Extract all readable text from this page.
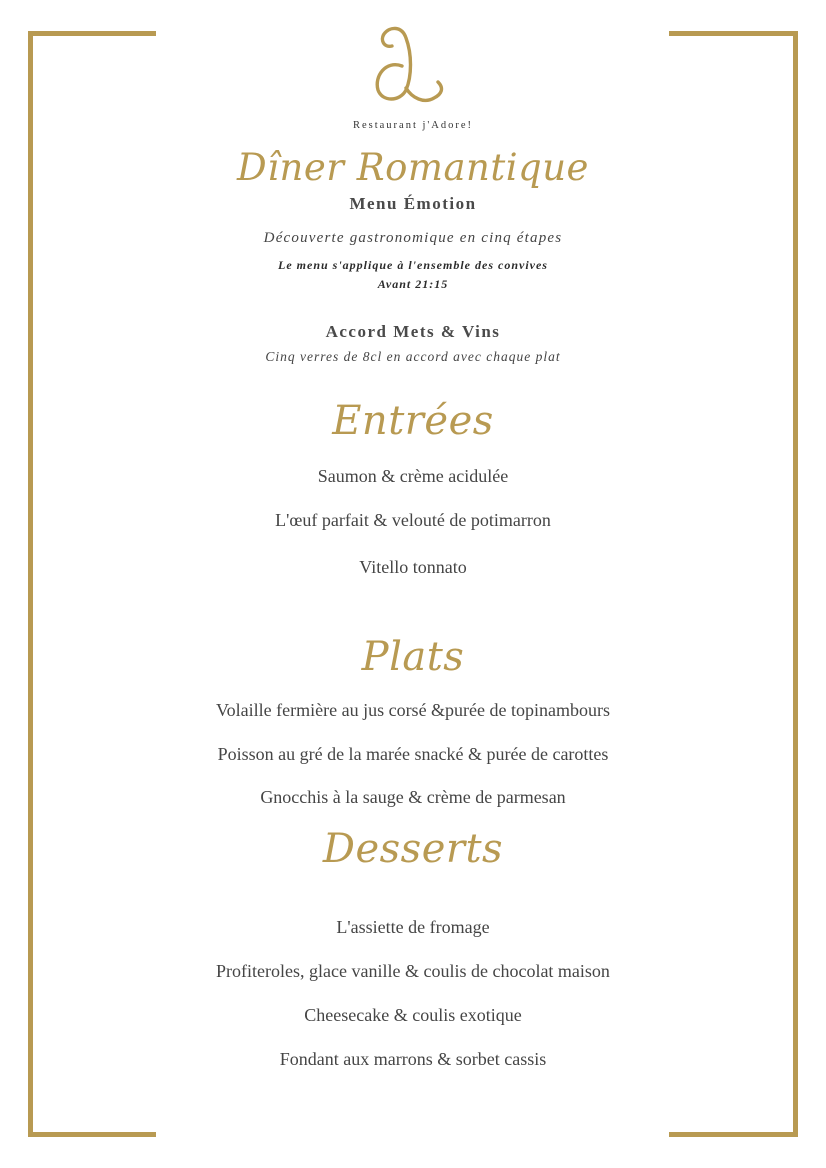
Restaurant j'Adore!

Dîner Romantique

Menu Émotion

Découverte gastronomique en cinq étapes

Le menu s'applique à l'ensemble des convives

Avant 21:15

Accord Mets & Vins

Cinq verres de 8cl en accord avec chaque plat

Entrées

Saumon & crème acidulée

L'œuf parfait & velouté de potimarron

Vitello tonnato

Plats

Volaille fermière au jus corsé &purée de topinambours

Poisson au gré de la marée snacké & purée de carottes

Gnocchis à la sauge & crème de parmesan

Desserts

L'assiette de fromage

Profiteroles, glace vanille & coulis de chocolat maison

Cheesecake & coulis exotique

Fondant aux marrons & sorbet cassis
